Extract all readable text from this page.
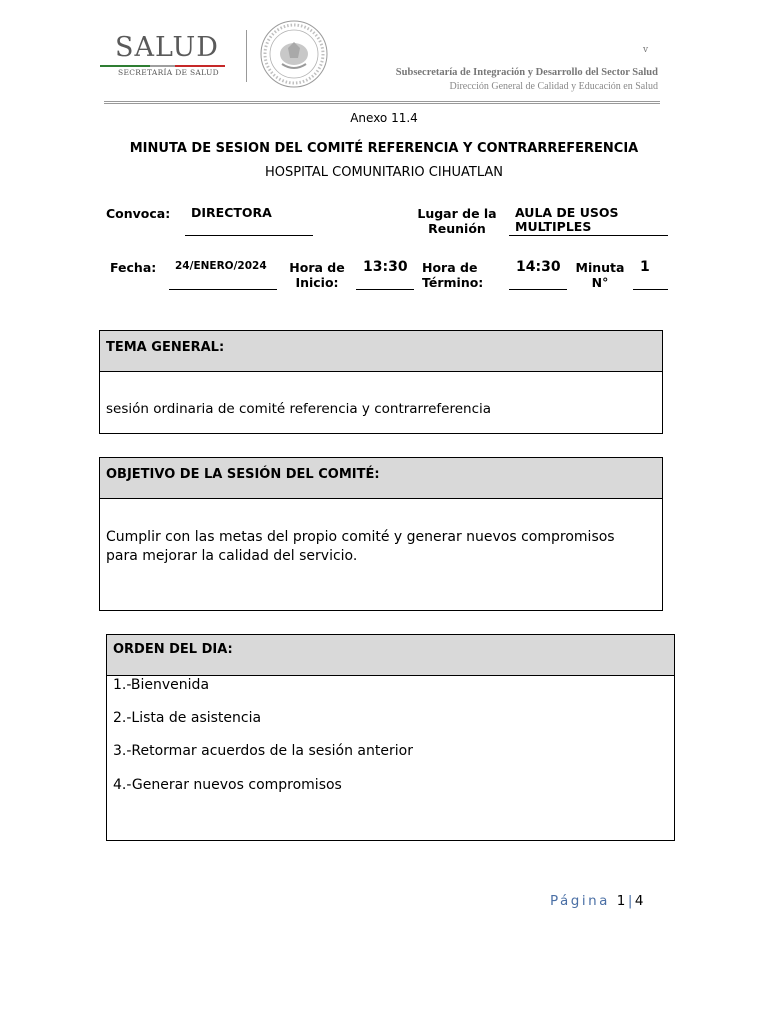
SALUD
SECRETARÍA DE SALUD
v
Subsecretaría de Integración y Desarrollo del Sector Salud
Dirección General de Calidad y Educación en Salud
Anexo 11.4
MINUTA DE SESION DEL COMITÉ REFERENCIA Y CONTRARREFERENCIA
HOSPITAL COMUNITARIO CIHUATLAN
Convoca: DIRECTORA	Lugar de la
Reunión
AULA DE USOS
MULTIPLES
Fecha: 24/ENERO/2024 Hora de
Inicio:
13:30 Hora de
Término:
14:30 Minuta
N°
1
TEMA GENERAL:
sesión ordinaria de comité referencia y contrarreferencia
OBJETIVO DE LA SESIÓN DEL COMITÉ:
Cumplir con las metas del propio comité y generar nuevos compromisos
para mejorar la calidad del servicio.
ORDEN DEL DIA:
1.-Bienvenida
2.-Lista de asistencia
3.-Retormar acuerdos de la sesión anterior
4.-Generar nuevos compromisos
Página 1|4
